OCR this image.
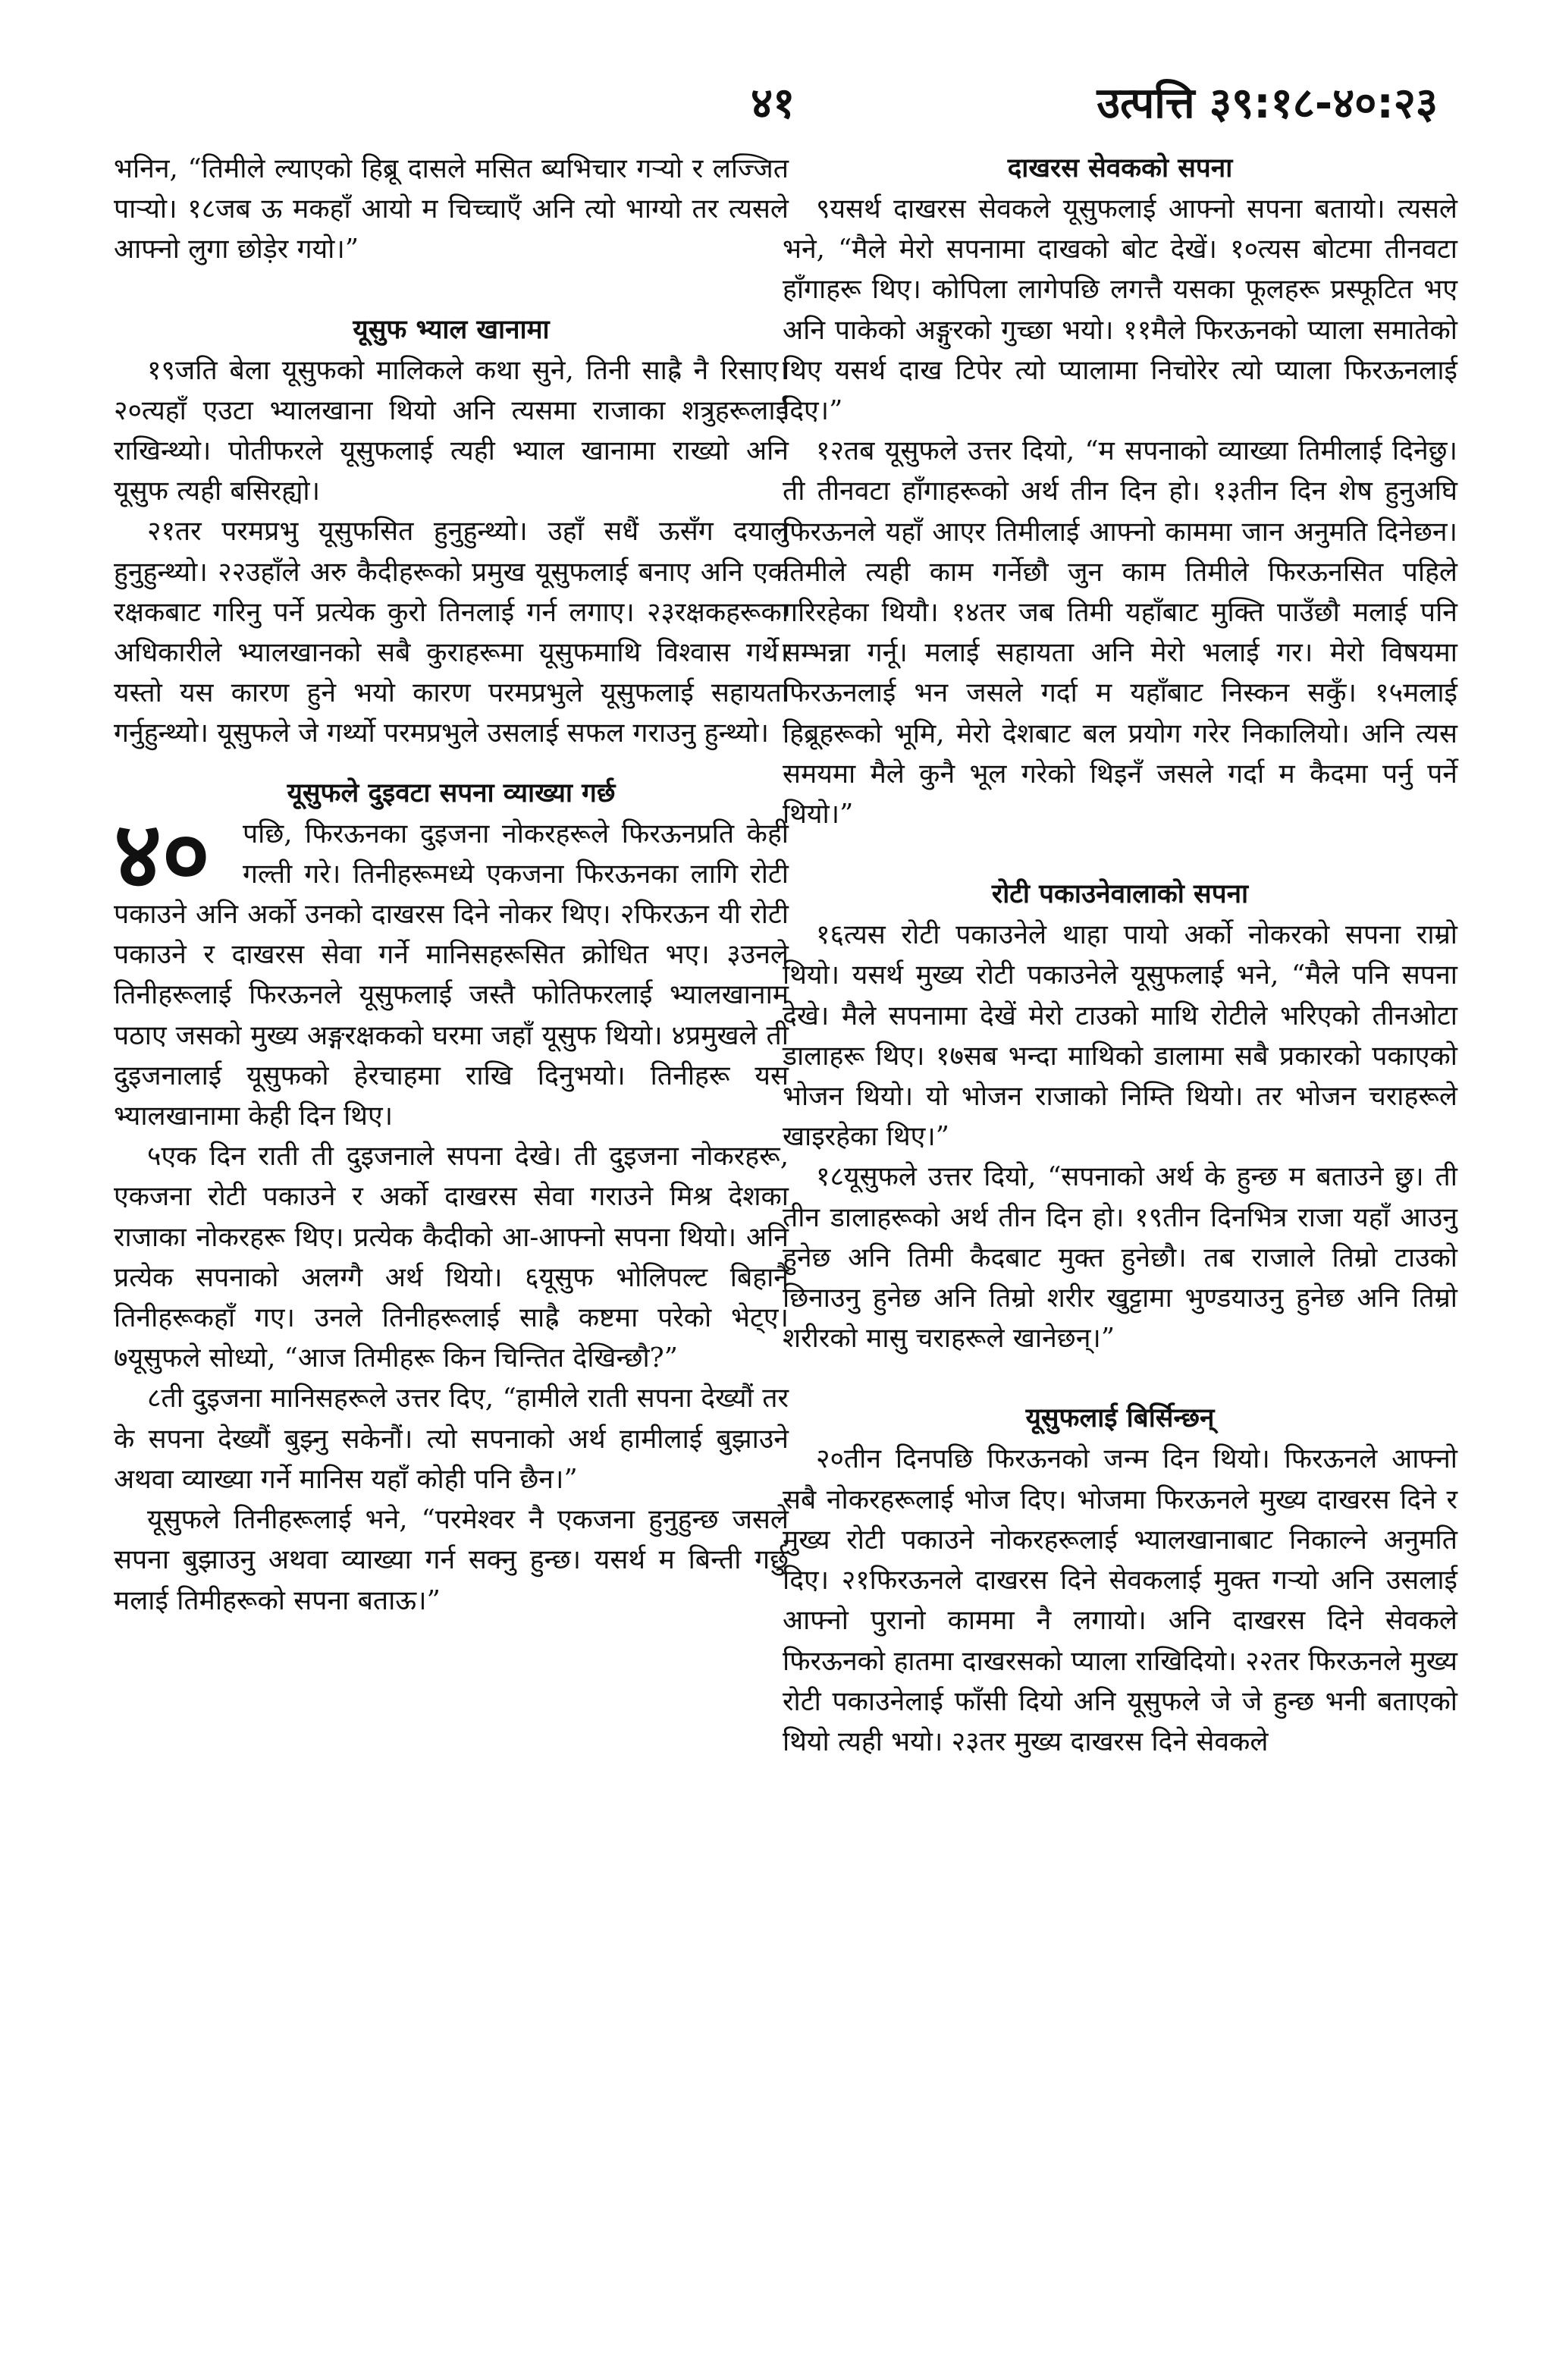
४१	उत्पत्ति ३९:१८-४०:२३

भनिन, “तिमीले ल्याएको हिब्रू दासले मसित ब्यभिचार गऱ्यो र लज्जित पाऱ्यो। १८जब ऊ मकहाँ आयो म चिच्चाएँ अनि त्यो भाग्यो तर त्यसले आफ्नो लुगा छोड़ेर गयो।”

यूसुफ भ्याल खानामा

१९जति बेला यूसुफको मालिकले कथा सुने, तिनी साह्रै नै रिसाए। २०त्यहाँ एउटा भ्यालखाना थियो अनि त्यसमा राजाका शत्रुहरूलाई राखिन्थ्यो। पोतीफरले यूसुफलाई त्यही भ्याल खानामा राख्यो अनि यूसुफ त्यही बसिरह्यो।

२१तर परमप्रभु यूसुफसित हुनुहुन्थ्यो। उहाँ सधैं ऊसँग दयालु हुनुहुन्थ्यो। २२उहाँले अरु कैदीहरूको प्रमुख यूसुफलाई बनाए अनि एक रक्षकबाट गरिनु पर्ने प्रत्येक कुरो तिनलाई गर्न लगाए। २३रक्षकहरूका अधिकारीले भ्यालखानको सबै कुराहरूमा यूसुफमाथि विश्वास गर्थे। यस्तो यस कारण हुने भयो कारण परमप्रभुले यूसुफलाई सहायता गर्नुहुन्थ्यो। यूसुफले जे गर्थ्यो परमप्रभुले उसलाई सफल गराउनु हुन्थ्यो।

यूसुफले दुइवटा सपना व्याख्या गर्छ
४०	पछि, फिरऊनका दुइजना नोकरहरूले फिरऊनप्रति केही गल्ती गरे। तिनीहरूमध्ये एकजना फिरऊनका लागि रोटी पकाउने अनि अर्को उनको दाखरस दिने नोकर थिए। २फिरऊन यी रोटी पकाउने र दाखरस सेवा गर्ने मानिसहरूसित क्रोधित भए। ३उनले तिनीहरूलाई फिरऊनले यूसुफलाई जस्तै फोतिफरलाई भ्यालखानाम पठाए जसको मुख्य अङ्गरक्षकको घरमा जहाँ यूसुफ थियो। ४प्रमुखले ती दुइजनालाई यूसुफको हेरचाहमा राखि दिनुभयो। तिनीहरू यस भ्यालखानामा केही दिन थिए।

५एक दिन राती ती दुइजनाले सपना देखे। ती दुइजना नोकरहरू, एकजना रोटी पकाउने र अर्को दाखरस सेवा गराउने मिश्र देशका राजाका नोकरहरू थिए। प्रत्येक कैदीको आ-आफ्नो सपना थियो। अनि प्रत्येक सपनाको अलग्गै अर्थ थियो। ६यूसुफ भोलिपल्ट बिहानै तिनीहरूकहाँ गए। उनले तिनीहरूलाई साह्रै कष्टमा परेको भेट्ए। ७यूसुफले सोध्यो, “आज तिमीहरू किन चिन्तित देखिन्छौ?”

८ती दुइजना मानिसहरूले उत्तर दिए, “हामीले राती सपना देख्यौं तर के सपना देख्यौं बुझ्नु सकेनौं। त्यो सपनाको अर्थ हामीलाई बुझाउने अथवा व्याख्या गर्ने मानिस यहाँ कोही पनि छैन।”

यूसुफले तिनीहरूलाई भने, “परमेश्वर नै एकजना हुनुहुन्छ जसले सपना बुझाउनु अथवा व्याख्या गर्न सक्नु हुन्छ। यसर्थ म बिन्ती गर्छु मलाई तिमीहरूको सपना बताऊ।”

दाखरस सेवकको सपना

९यसर्थ दाखरस सेवकले यूसुफलाई आफ्नो सपना बतायो। त्यसले भने, “मैले मेरो सपनामा दाखको बोट देखें। १०त्यस बोटमा तीनवटा हाँगाहरू थिए। कोपिला लागेपछि लगत्तै यसका फूलहरू प्रस्फूटित भए अनि पाकेको अङ्गुरको गुच्छा भयो। ११मैले फिरऊनको प्याला समातेको थिए यसर्थ दाख टिपेर त्यो प्यालामा निचोरेर त्यो प्याला फिरऊनलाई दिए।”

१२तब यूसुफले उत्तर दियो, “म सपनाको व्याख्या तिमीलाई दिनेछु। ती तीनवटा हाँगाहरूको अर्थ तीन दिन हो। १३तीन दिन शेष हुनुअघि फिरऊनले यहाँ आएर तिमीलाई आफ्नो काममा जान अनुमति दिनेछन। तिमीले त्यही काम गर्नेछौ जुन काम तिमीले फिरऊनसित पहिले गरिरहेका थियौ। १४तर जब तिमी यहाँबाट मुक्ति पाउँछौ मलाई पनि सम्भन्ना गर्नू। मलाई सहायता अनि मेरो भलाई गर। मेरो विषयमा फिरऊनलाई भन जसले गर्दा म यहाँबाट निस्कन सकुँ। १५मलाई हिब्रूहरूको भूमि, मेरो देशबाट बल प्रयोग गरेर निकालियो। अनि त्यस समयमा मैले कुनै भूल गरेको थिइनँ जसले गर्दा म कैदमा पर्नु पर्ने थियो।”

रोटी पकाउनेवालाको सपना

१६त्यस रोटी पकाउनेले थाहा पायो अर्को नोकरको सपना राम्रो थियो। यसर्थ मुख्य रोटी पकाउनेले यूसुफलाई भने, “मैले पनि सपना देखे। मैले सपनामा देखें मेरो टाउको माथि रोटीले भरिएको तीनओटा डालाहरू थिए। १७सब भन्दा माथिको डालामा सबै प्रकारको पकाएको भोजन थियो। यो भोजन राजाको निम्ति थियो। तर भोजन चराहरूले खाइरहेका थिए।”

१८यूसुफले उत्तर दियो, “सपनाको अर्थ के हुन्छ म बताउने छु। ती तीन डालाहरूको अर्थ तीन दिन हो। १९तीन दिनभित्र राजा यहाँ आउनु हुनेछ अनि तिमी कैदबाट मुक्त हुनेछौ। तब राजाले तिम्रो टाउको छिनाउनु हुनेछ अनि तिम्रो शरीर खुट्टामा भुण्डयाउनु हुनेछ अनि तिम्रो शरीरको मासु चराहरूले खानेछन्।”

यूसुफलाई बिर्सिन्छन्

२०तीन दिनपछि फिरऊनको जन्म दिन थियो। फिरऊनले आफ्नो सबै नोकरहरूलाई भोज दिए। भोजमा फिरऊनले मुख्य दाखरस दिने र मुख्य रोटी पकाउने नोकरहरूलाई भ्यालखानाबाट निकाल्ने अनुमति दिए। २१फिरऊनले दाखरस दिने सेवकलाई मुक्त गऱ्यो अनि उसलाई आफ्नो पुरानो काममा नै लगायो। अनि दाखरस दिने सेवकले फिरऊनको हातमा दाखरसको प्याला राखिदियो। २२तर फिरऊनले मुख्य रोटी पकाउनेलाई फाँसी दियो अनि यूसुफले जे जे हुन्छ भनी बताएको थियो त्यही भयो। २३तर मुख्य दाखरस दिने सेवकले
